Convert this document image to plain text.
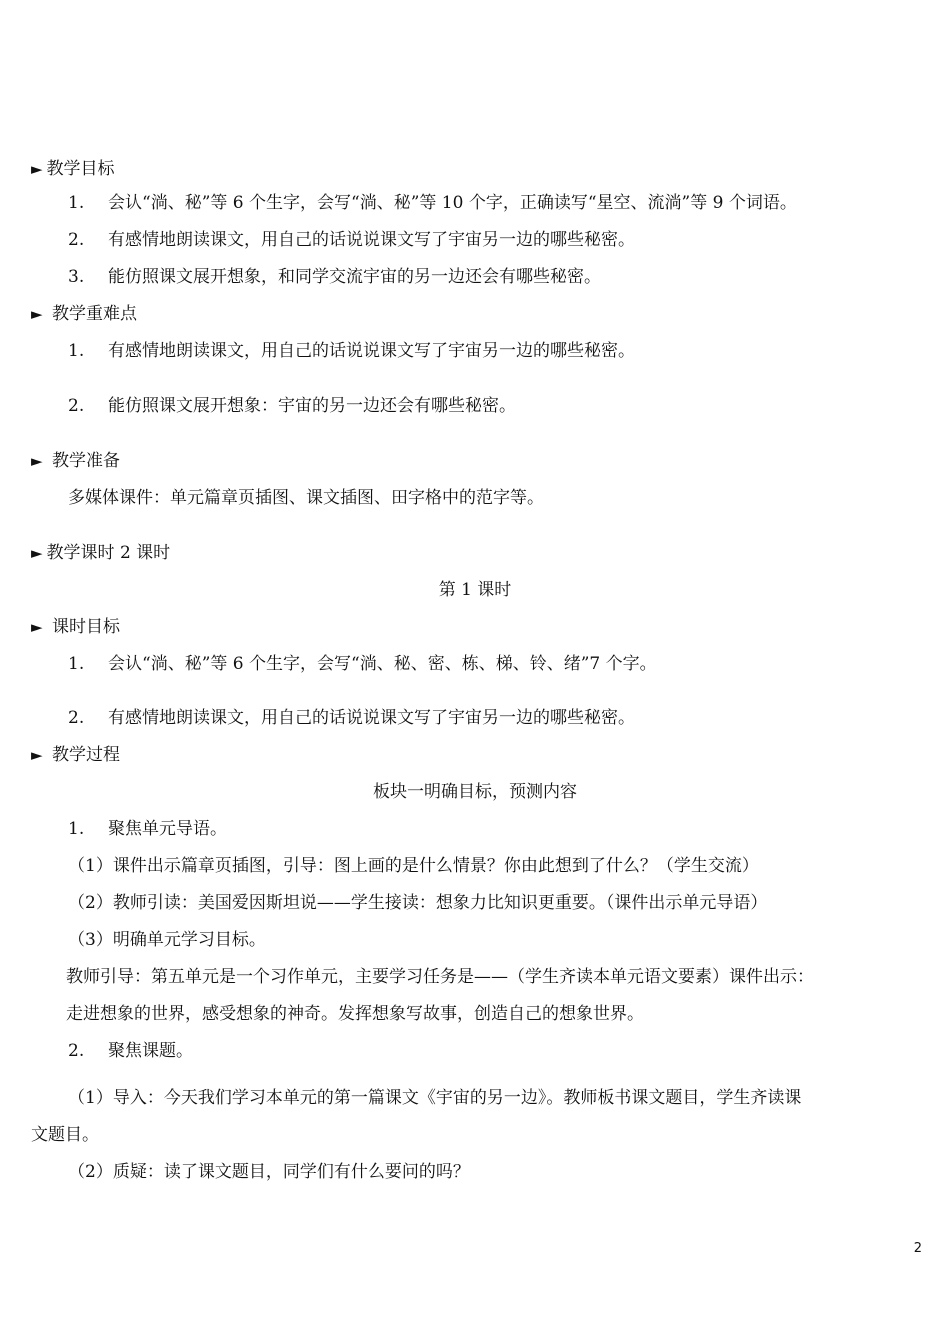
► 教学目标
1. 会认“淌、秘”等 6 个生字，会写“淌、秘”等 10 个字，正确读写“星空、流淌”等 9 个词语。
2. 有感情地朗读课文，用自己的话说说课文写了宇宙另一边的哪些秘密。
3. 能仿照课文展开想象，和同学交流宇宙的另一边还会有哪些秘密。
► 教学重难点
1. 有感情地朗读课文，用自己的话说说课文写了宇宙另一边的哪些秘密。
2. 能仿照课文展开想象：宇宙的另一边还会有哪些秘密。
► 教学准备
多媒体课件：单元篇章页插图、课文插图、田字格中的范字等。
► 教学课时 2 课时
第 1 课时
► 课时目标
1. 会认“淌、秘”等 6 个生字，会写“淌、秘、密、栋、梯、铃、绪”7 个字。
2. 有感情地朗读课文，用自己的话说说课文写了宇宙另一边的哪些秘密。
► 教学过程
板块一明确目标，预测内容
1. 聚焦单元导语。
（1）课件出示篇章页插图，引导：图上画的是什么情景？你由此想到了什么？（学生交流）
（2）教师引读：美国爱因斯坦说——学生接读：想象力比知识更重要。（课件出示单元导语）
（3）明确单元学习目标。
教师引导：第五单元是一个习作单元，主要学习任务是——（学生齐读本单元语文要素）课件出示：
走进想象的世界，感受想象的神奇。发挥想象写故事，创造自己的想象世界。
2. 聚焦课题。
（1）导入：今天我们学习本单元的第一篇课文《宇宙的另一边》。教师板书课文题目，学生齐读课
文题目。
（2）质疑：读了课文题目，同学们有什么要问的吗？
2
